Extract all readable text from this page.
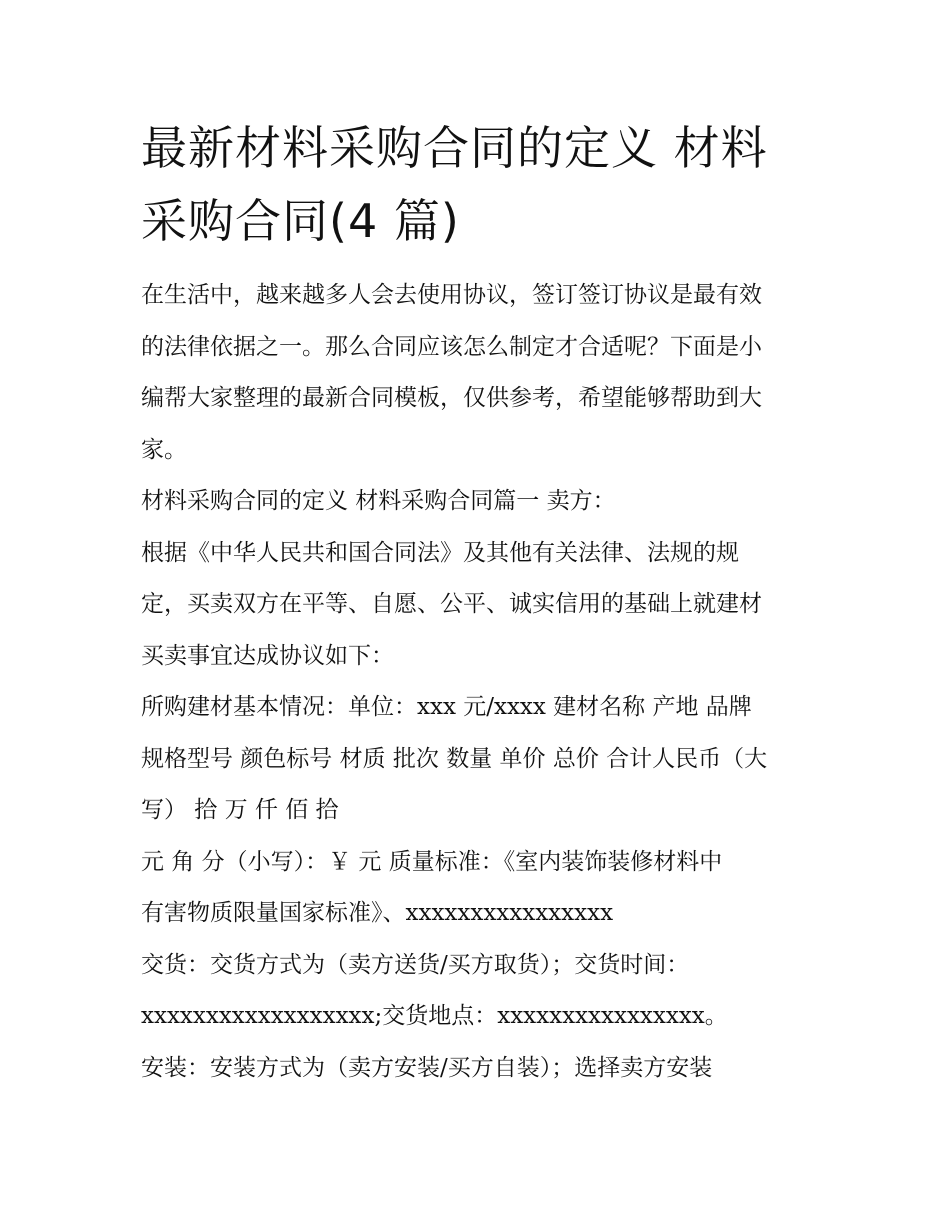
最新材料采购合同的定义 材料
采购合同(4 篇)

在生活中，越来越多人会去使用协议，签订签订协议是最有效
的法律依据之一。那么合同应该怎么制定才合适呢？下面是小
编帮大家整理的最新合同模板，仅供参考，希望能够帮助到大
家。

材料采购合同的定义 材料采购合同篇一 卖方：

根据《中华人民共和国合同法》及其他有关法律、法规的规
定，买卖双方在平等、自愿、公平、诚实信用的基础上就建材
买卖事宜达成协议如下：

所购建材基本情况：单位：xxx 元/xxxx 建材名称 产地 品牌
规格型号 颜色标号 材质 批次 数量 单价 总价 合计人民币（大
写） 拾 万 仟 佰 拾

元 角 分（小写）：￥ 元 质量标准：《室内装饰装修材料中
有害物质限量国家标准》、xxxxxxxxxxxxxxxx

交货：交货方式为（卖方送货/买方取货）；交货时间：
xxxxxxxxxxxxxxxxxx;交货地点：xxxxxxxxxxxxxxxx。

安装：安装方式为（卖方安装/买方自装）；选择卖方安装
